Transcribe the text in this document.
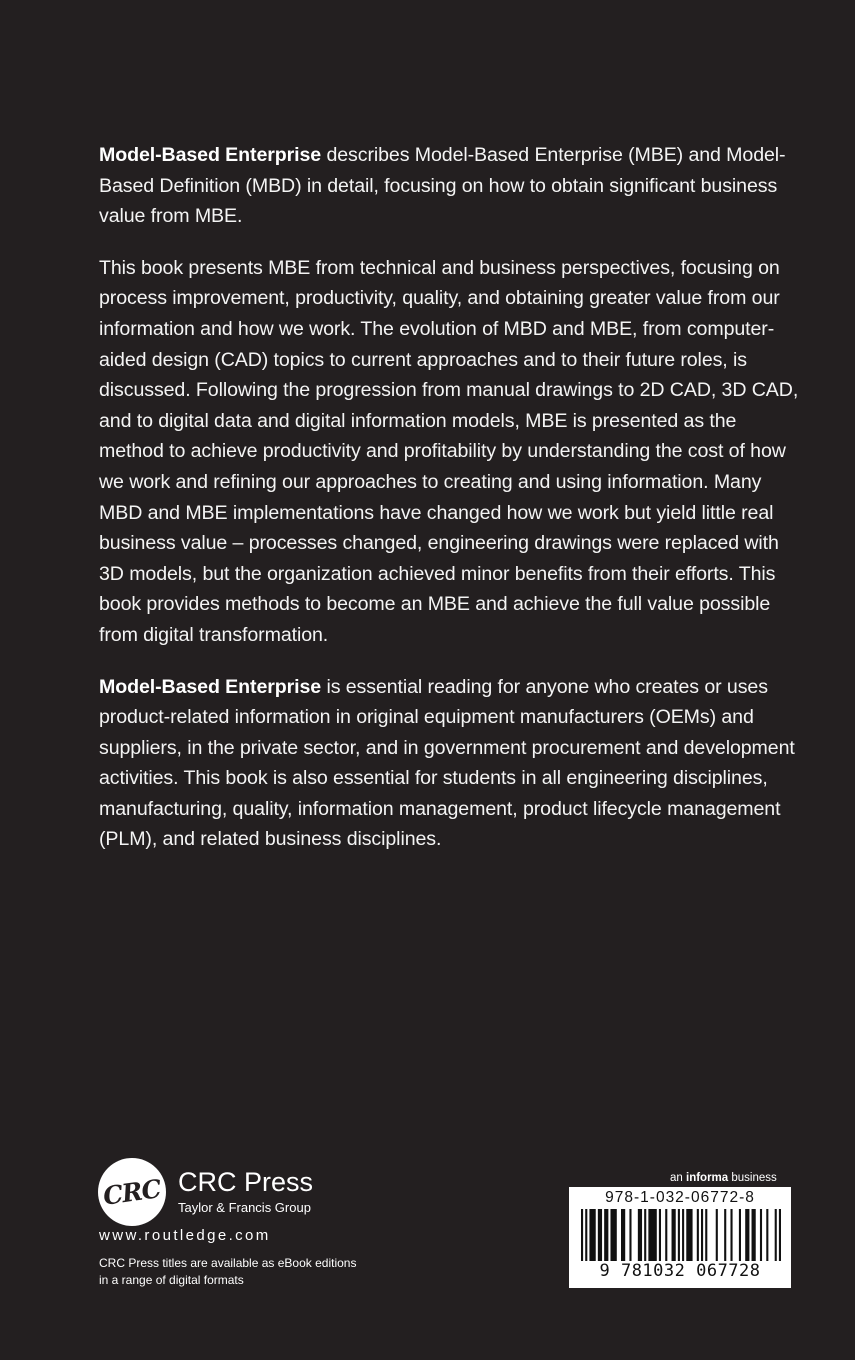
Model-Based Enterprise describes Model-Based Enterprise (MBE) and Model-Based Definition (MBD) in detail, focusing on how to obtain significant business value from MBE.

This book presents MBE from technical and business perspectives, focusing on process improvement, productivity, quality, and obtaining greater value from our information and how we work. The evolution of MBD and MBE, from computer-aided design (CAD) topics to current approaches and to their future roles, is discussed. Following the progression from manual drawings to 2D CAD, 3D CAD, and to digital data and digital information models, MBE is presented as the method to achieve productivity and profitability by understanding the cost of how we work and refining our approaches to creating and using information. Many MBD and MBE implementations have changed how we work but yield little real business value – processes changed, engineering drawings were replaced with 3D models, but the organization achieved minor benefits from their efforts. This book provides methods to become an MBE and achieve the full value possible from digital transformation.

Model-Based Enterprise is essential reading for anyone who creates or uses product-related information in original equipment manufacturers (OEMs) and suppliers, in the private sector, and in government procurement and development activities. This book is also essential for students in all engineering disciplines, manufacturing, quality, information management, product lifecycle management (PLM), and related business disciplines.

CRC CRC Press
Taylor & Francis Group
www.routledge.com
CRC Press titles are available as eBook editions
in a range of digital formats
an informa business
978-1-032-06772-8
9 781032 067728
